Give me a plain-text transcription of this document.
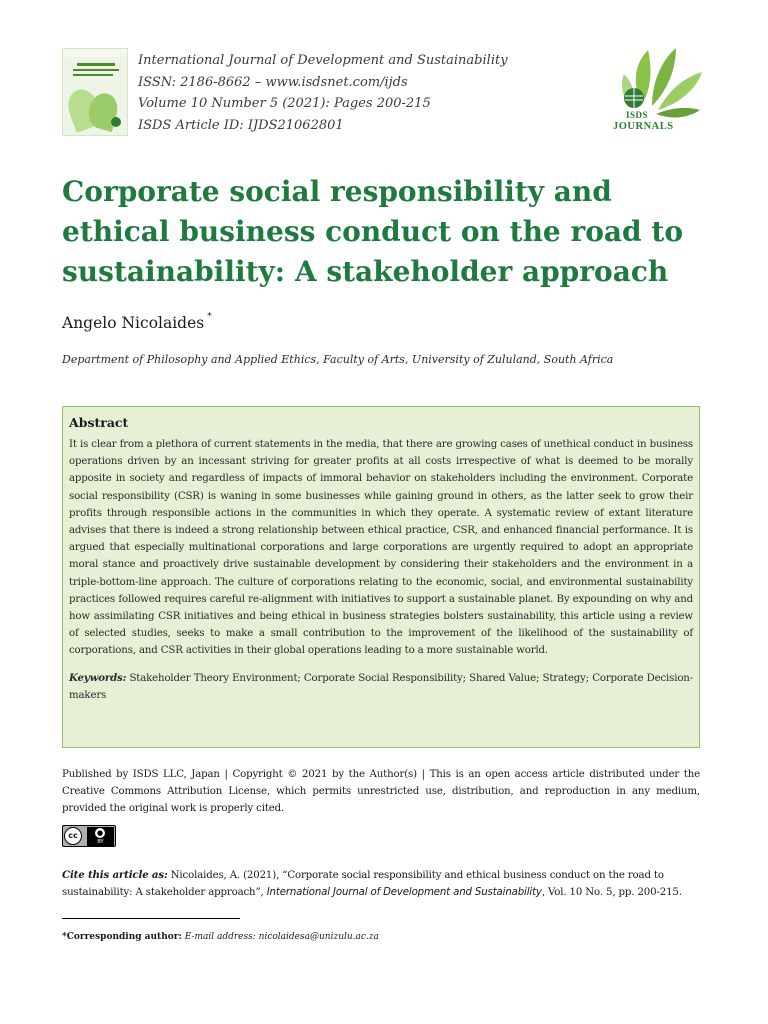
International Journal of Development and Sustainability
ISSN: 2186-8662 – www.isdsnet.com/ijds
Volume 10 Number 5 (2021): Pages 200-215
ISDS Article ID: IJDS21062801
ISDS
JOURNALS
Corporate social responsibility and ethical business conduct on the road to sustainability: A stakeholder approach
Angelo Nicolaides *
Department of Philosophy and Applied Ethics, Faculty of Arts, University of Zululand, South Africa
Abstract

It is clear from a plethora of current statements in the media, that there are growing cases of unethical conduct in business operations driven by an incessant striving for greater profits at all costs irrespective of what is deemed to be morally apposite in society and regardless of impacts of immoral behavior on stakeholders including the environment. Corporate social responsibility (CSR) is waning in some businesses while gaining ground in others, as the latter seek to grow their profits through responsible actions in the communities in which they operate. A systematic review of extant literature advises that there is indeed a strong relationship between ethical practice, CSR, and enhanced financial performance. It is argued that especially multinational corporations and large corporations are urgently required to adopt an appropriate moral stance and proactively drive sustainable development by considering their stakeholders and the environment in a triple-bottom-line approach. The culture of corporations relating to the economic, social, and environmental sustainability practices followed requires careful re-alignment with initiatives to support a sustainable planet. By expounding on why and how assimilating CSR initiatives and being ethical in business strategies bolsters sustainability, this article using a review of selected studies, seeks to make a small contribution to the improvement of the likelihood of the sustainability of corporations, and CSR activities in their global operations leading to a more sustainable world.

Keywords: Stakeholder Theory Environment; Corporate Social Responsibility; Shared Value; Strategy; Corporate Decision-makers
Published by ISDS LLC, Japan | Copyright © 2021 by the Author(s) | This is an open access article distributed under the Creative Commons Attribution License, which permits unrestricted use, distribution, and reproduction in any medium, provided the original work is properly cited.
cc	●
BY
Cite this article as: Nicolaides, A. (2021), “Corporate social responsibility and ethical business conduct on the road to sustainability: A stakeholder approach”, International Journal of Development and Sustainability, Vol. 10 No. 5, pp. 200-215.
*Corresponding author: E-mail address: nicolaidesa@unizulu.ac.za
